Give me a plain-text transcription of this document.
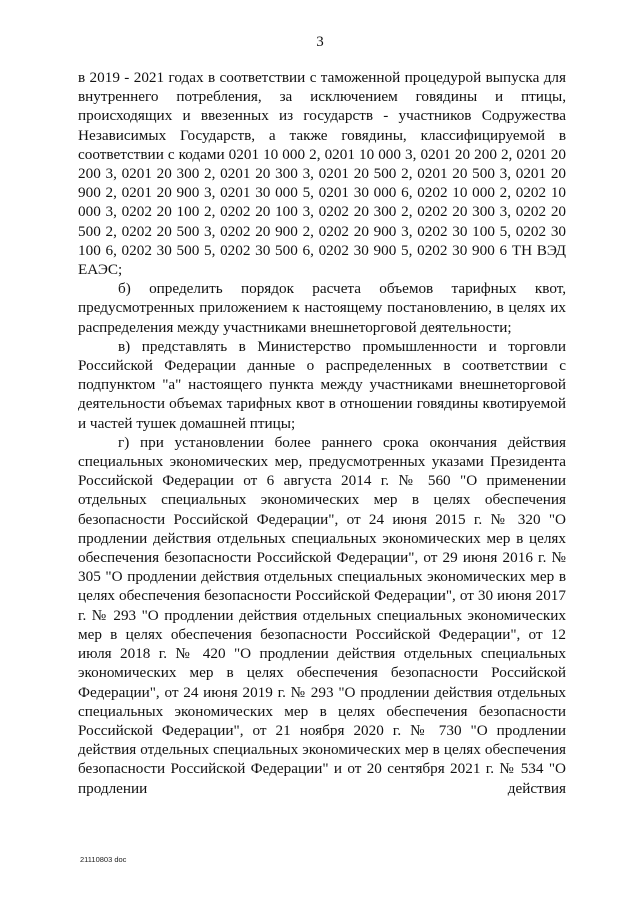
3

в 2019 - 2021 годах в соответствии с таможенной процедурой выпуска для внутреннего потребления, за исключением говядины и птицы, происходящих и ввезенных из государств - участников Содружества Независимых Государств, а также говядины, классифицируемой в соответствии с кодами 0201 10 000 2, 0201 10 000 3, 0201 20 200 2, 0201 20 200 3, 0201 20 300 2, 0201 20 300 3, 0201 20 500 2, 0201 20 500 3, 0201 20 900 2, 0201 20 900 3, 0201 30 000 5, 0201 30 000 6, 0202 10 000 2, 0202 10 000 3, 0202 20 100 2, 0202 20 100 3, 0202 20 300 2, 0202 20 300 3, 0202 20 500 2, 0202 20 500 3, 0202 20 900 2, 0202 20 900 3, 0202 30 100 5, 0202 30 100 6, 0202 30 500 5, 0202 30 500 6, 0202 30 900 5, 0202 30 900 6 ТН ВЭД ЕАЭС;

б) определить порядок расчета объемов тарифных квот, предусмотренных приложением к настоящему постановлению, в целях их распределения между участниками внешнеторговой деятельности;

в) представлять в Министерство промышленности и торговли Российской Федерации данные о распределенных в соответствии с подпунктом "а" настоящего пункта между участниками внешнеторговой деятельности объемах тарифных квот в отношении говядины квотируемой и частей тушек домашней птицы;

г) при установлении более раннего срока окончания действия специальных экономических мер, предусмотренных указами Президента Российской Федерации от 6 августа 2014 г. № 560 "О применении отдельных специальных экономических мер в целях обеспечения безопасности Российской Федерации", от 24 июня 2015 г. № 320 "О продлении действия отдельных специальных экономических мер в целях обеспечения безопасности Российской Федерации", от 29 июня 2016 г. № 305 "О продлении действия отдельных специальных экономических мер в целях обеспечения безопасности Российской Федерации", от 30 июня 2017 г. № 293 "О продлении действия отдельных специальных экономических мер в целях обеспечения безопасности Российской Федерации", от 12 июля 2018 г. № 420 "О продлении действия отдельных специальных экономических мер в целях обеспечения безопасности Российской Федерации", от 24 июня 2019 г. № 293 "О продлении действия отдельных специальных экономических мер в целях обеспечения безопасности Российской Федерации", от 21 ноября 2020 г. № 730 "О продлении действия отдельных специальных экономических мер в целях обеспечения безопасности Российской Федерации" и от 20 сентября 2021 г. № 534 "О продлении действия

21110803 doc
